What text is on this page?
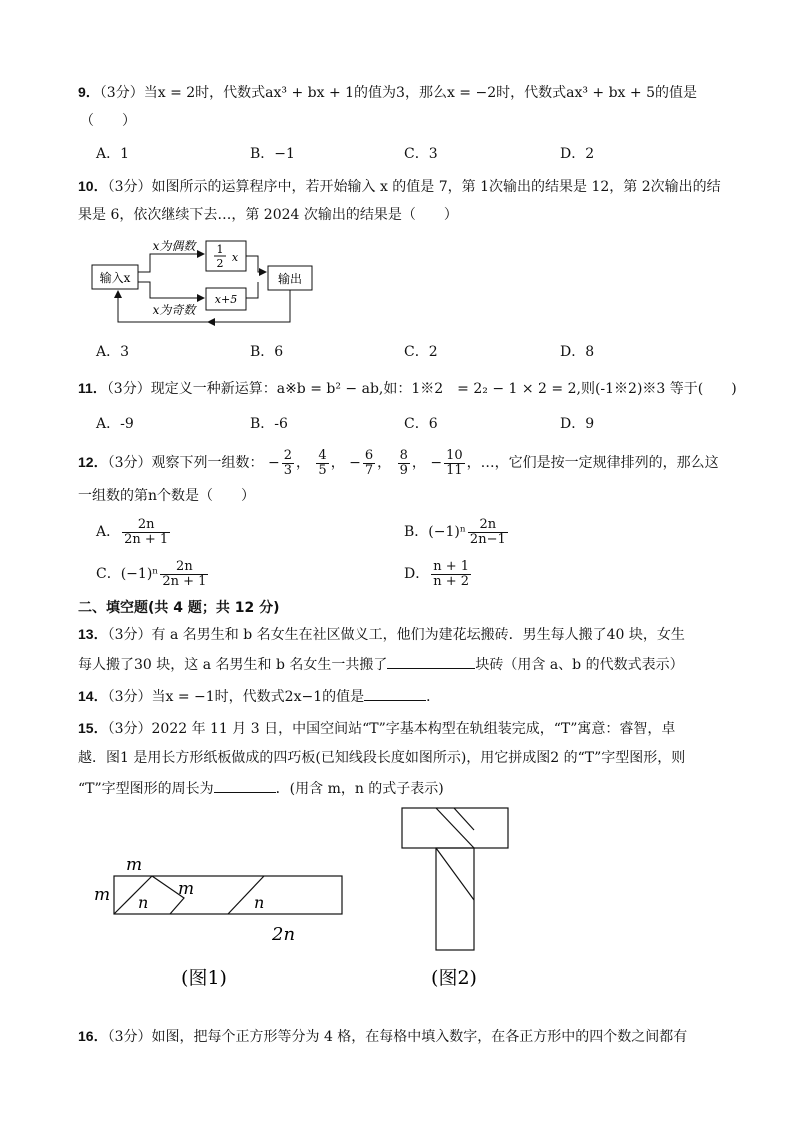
9．（3分）当x = 2时，代数式ax³ + bx + 1的值为3，那么x = −2时，代数式ax³ + bx + 5的值是
（　　）
A．1	B．−1	C．3	D．2
10．（3分）如图所示的运算程序中，若开始输入 x 的值是 7，第 1次输出的结果是 12，第 2次输出的结
果是 6，依次继续下去…，第 2024 次输出的结果是（　　）
输入x
x为偶数 1
2 x
x为奇数
x+5
输出
A．3	B．6	C．2	D．8
11．（3分）现定义一种新运算：a※b = b² − ab,如：1※2　= 2₂ − 1 × 2 = 2,则(-1※2)※3 等于(　　)
A．-9	B．-6	C．6	D．9
12．（3分）观察下列一组数： − $\frac{2}{3}$ ， $\frac{4}{5}$ ， − $\frac{6}{7}$ ， $\frac{8}{9}$ ， − $\frac{10}{11}$ ，…，它们是按一定规律排列的，那么这
一组数的第n个数是（　　）
A． $\frac{2n}{2n + 1}$	B．$(-1)^n \frac{2n}{2n-1}$
C．$(-1)^n \frac{2n}{2n + 1}$	D． $\frac{n + 1}{n + 2}$
二、填空题(共 4 题；共 12 分)
13．（3分）有 a 名男生和 b 名女生在社区做义工，他们为建花坛搬砖．男生每人搬了40 块，女生
每人搬了30 块，这 a 名男生和 b 名女生一共搬了	块砖（用含 a、b 的代数式表示）
14．（3分）当x = −1时，代数式2x−1的值是	．
15．（3分）2022 年 11 月 3 日，中国空间站“T”字基本构型在轨组装完成，“T”寓意：睿智，卓
越．图1 是用长方形纸板做成的四巧板(已知线段长度如图所示)，用它拼成图2 的“T”字型图形，则
“T”字型图形的周长为	．(用含 m，n 的式子表示)
m
m	m
n	n
2n
(图1)	(图2)
16．（3分）如图，把每个正方形等分为 4 格，在每格中填入数字，在各正方形中的四个数之间都有
